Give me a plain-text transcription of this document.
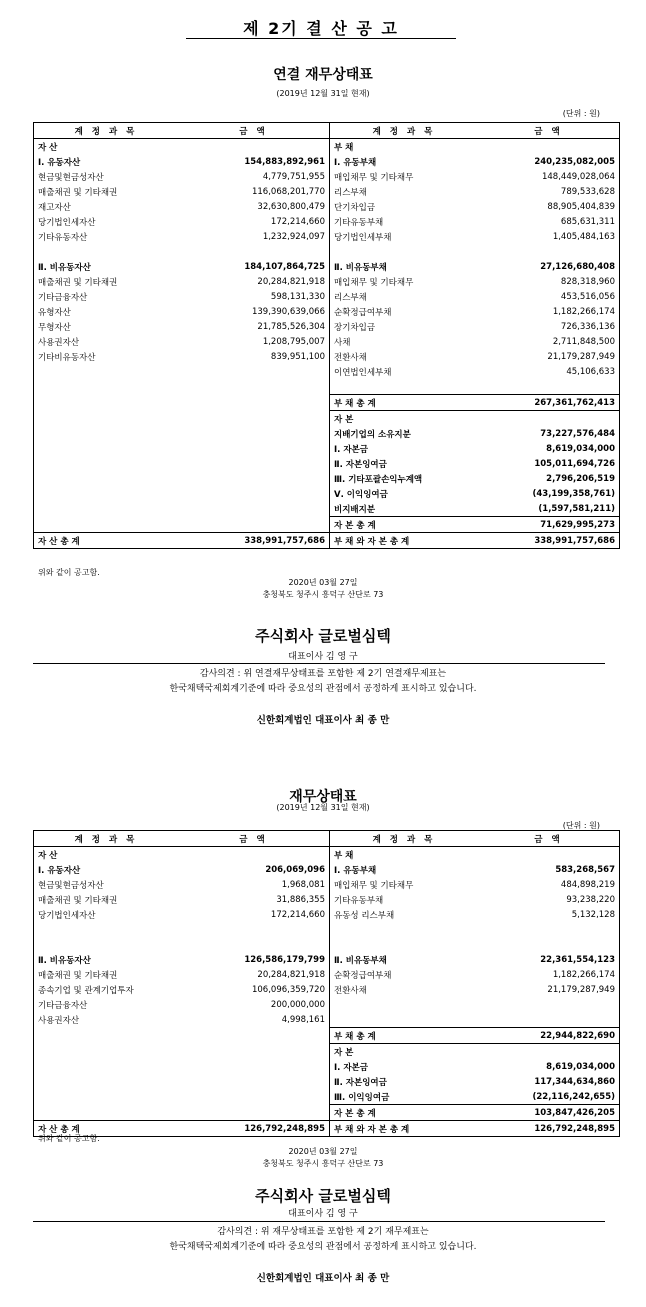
제 2기 결 산 공 고
연결 재무상태표
(2019년 12월 31일 현재)
(단위 : 원)
계 정 과 목	금 액	계 정 과 목	금 액
자 산		부 채	
Ⅰ. 유동자산	154,883,892,961	Ⅰ. 유동부채	240,235,082,005
현금및현금성자산	4,779,751,955	매입채무 및 기타채무	148,449,028,064
매출채권 및 기타채권	116,068,201,770	리스부채	789,533,628
재고자산	32,630,800,479	단기차입금	88,905,404,839
당기법인세자산	172,214,660	기타유동부채	685,631,311
기타유동자산	1,232,924,097	당기법인세부채	1,405,484,163

Ⅱ. 비유동자산	184,107,864,725	Ⅱ. 비유동부채	27,126,680,408
매출채권 및 기타채권	20,284,821,918	매입채무 및 기타채무	828,318,960
기타금융자산	598,131,330	리스부채	453,516,056
유형자산	139,390,639,066	순확정급여부채	1,182,266,174
무형자산	21,785,526,304	장기차입금	726,336,136
사용권자산	1,208,795,007	사채	2,711,848,500
기타비유동자산	839,951,100	전환사채	21,179,287,949
		이연법인세부채	45,106,633

		부 채 총 계	267,361,762,413
		자 본	
		지배기업의 소유지분	73,227,576,484
		Ⅰ. 자본금	8,619,034,000
		Ⅱ. 자본잉여금	105,011,694,726
		Ⅲ. 기타포괄손익누계액	2,796,206,519
		Ⅴ. 이익잉여금	(43,199,358,761)
		비지배지분	(1,597,581,211)
		자 본 총 계	71,629,995,273
자 산 총 계	338,991,757,686	부 채 와 자 본 총 계	338,991,757,686
위와 같이 공고함.
2020년 03월 27일
충청북도 청주시 흥덕구 산단로 73
주식회사 글로벌심텍
대표이사 김 영 구
감사의견 : 위 연결재무상태표를 포함한 제 2기 연결재무제표는
한국채택국제회계기준에 따라 중요성의 관점에서 공정하게 표시하고 있습니다.
신한회계법인 대표이사 최 종 만
재무상태표
(2019년 12월 31일 현재)
(단위 : 원)
계 정 과 목	금 액	계 정 과 목	금 액
자 산		부 채	
Ⅰ. 유동자산	206,069,096	Ⅰ. 유동부채	583,268,567
현금및현금성자산	1,968,081	매입채무 및 기타채무	484,898,219
매출채권 및 기타채권	31,886,355	기타유동부채	93,238,220
당기법인세자산	172,214,660	유동성 리스부채	5,132,128

Ⅱ. 비유동자산	126,586,179,799	Ⅱ. 비유동부채	22,361,554,123
매출채권 및 기타채권	20,284,821,918	순확정급여부채	1,182,266,174
종속기업 및 관계기업투자	106,096,359,720	전환사채	21,179,287,949
기타금융자산	200,000,000		
사용권자산	4,998,161		
		부 채 총 계	22,944,822,690
		자 본	
		Ⅰ. 자본금	8,619,034,000
		Ⅱ. 자본잉여금	117,344,634,860
		Ⅲ. 이익잉여금	(22,116,242,655)
		자 본 총 계	103,847,426,205
자 산 총 계	126,792,248,895	부 채 와 자 본 총 계	126,792,248,895
위와 같이 공고함.
2020년 03월 27일
충청북도 청주시 흥덕구 산단로 73
주식회사 글로벌심텍
대표이사 김 영 구
감사의견 : 위 재무상태표를 포함한 제 2기 재무제표는
한국채택국제회계기준에 따라 중요성의 관점에서 공정하게 표시하고 있습니다.
신한회계법인 대표이사 최 종 만
